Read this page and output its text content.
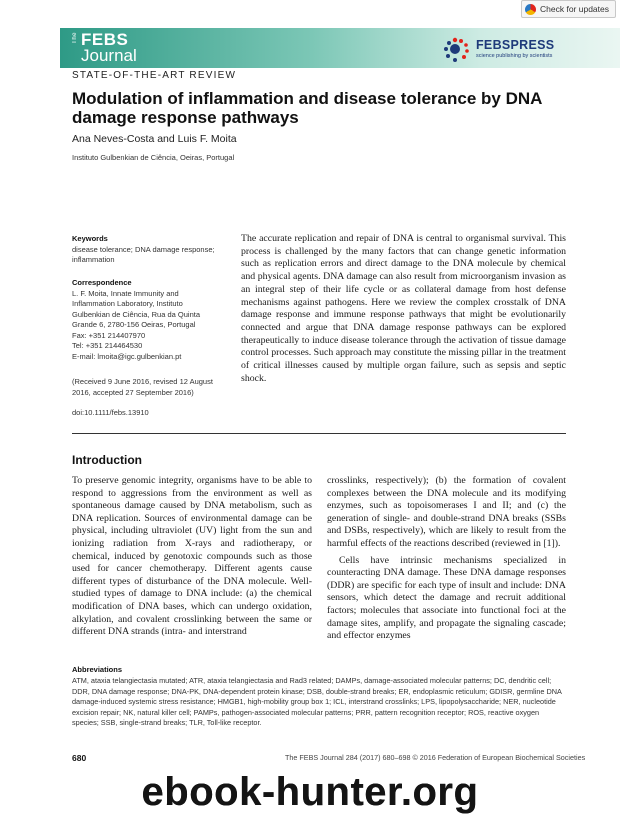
Check for updates
The FEBS
Journal
FEBSPRESS
science publishing by scientists
STATE-OF-THE-ART REVIEW
Modulation of inflammation and disease tolerance by DNA damage response pathways
Ana Neves-Costa and Luis F. Moita
Instituto Gulbenkian de Ciência, Oeiras, Portugal
Keywords
disease tolerance; DNA damage response;
inflammation
Correspondence
L. F. Moita, Innate Immunity and
Inflammation Laboratory, Instituto
Gulbenkian de Ciência, Rua da Quinta
Grande 6, 2780-156 Oeiras, Portugal
Fax: +351 214407970
Tel: +351 214464530
E-mail: lmoita@igc.gulbenkian.pt
(Received 9 June 2016, revised 12 August
2016, accepted 27 September 2016)
doi:10.1111/febs.13910
The accurate replication and repair of DNA is central to organismal survival. This process is challenged by the many factors that can change genetic information such as replication errors and direct damage to the DNA molecule by chemical and physical agents. DNA damage can also result from microorganism invasion as an integral step of their life cycle or as collateral damage from host defense mechanisms against pathogens. Here we review the complex crosstalk of DNA damage response and immune response pathways that might be evolutionarily connected and argue that DNA damage response pathways can be explored therapeutically to induce disease tolerance through the activation of tissue damage control processes. Such approach may constitute the missing pillar in the treatment of critical illnesses caused by multiple organ failure, such as sepsis and septic shock.
Introduction
To preserve genomic integrity, organisms have to be able to respond to aggressions from the environment as well as spontaneous damage caused by DNA metabolism, such as DNA replication. Sources of environmental damage can be physical, including ultraviolet (UV) light from the sun and ionizing radiation from X-rays and radiotherapy, or chemical, induced by genotoxic compounds such as those used for cancer chemotherapy. Different agents cause different types of disturbance of the DNA molecule. Well-studied types of damage to DNA include: (a) the chemical modification of DNA bases, which can undergo oxidation, alkylation, and covalent crosslinking between the same or different DNA strands (intra- and interstrand

crosslinks, respectively); (b) the formation of covalent complexes between the DNA molecule and its modifying enzymes, such as topoisomerases I and II; and (c) the generation of single- and double-strand DNA breaks (SSBs and DSBs, respectively), which are likely to result from the harmful effects of the reactions described (reviewed in [1]).

Cells have intrinsic mechanisms specialized in counteracting DNA damage. These DNA damage responses (DDR) are specific for each type of insult and include: DNA sensors, which detect the damage and recruit additional factors; molecules that associate into functional foci at the damage sites, amplify, and propagate the signaling cascade; and effector enzymes

Abbreviations
ATM, ataxia telangiectasia mutated; ATR, ataxia telangiectasia and Rad3 related; DAMPs, damage-associated molecular patterns; DC, dendritic cell; DDR, DNA damage response; DNA-PK, DNA-dependent protein kinase; DSB, double-strand breaks; ER, endoplasmic reticulum; GDISR, germline DNA damage-induced systemic stress resistance; HMGB1, high-mobility group box 1; ICL, interstrand crosslinks; LPS, lipopolysaccharide; NER, nucleotide excision repair; NK, natural killer cell; PAMPs, pathogen-associated molecular patterns; PRR, pattern recognition receptor; ROS, reactive oxygen species; SSB, single-strand breaks; TLR, Toll-like receptor.
680	The FEBS Journal 284 (2017) 680–698 © 2016 Federation of European Biochemical Societies
ebook-hunter.org
